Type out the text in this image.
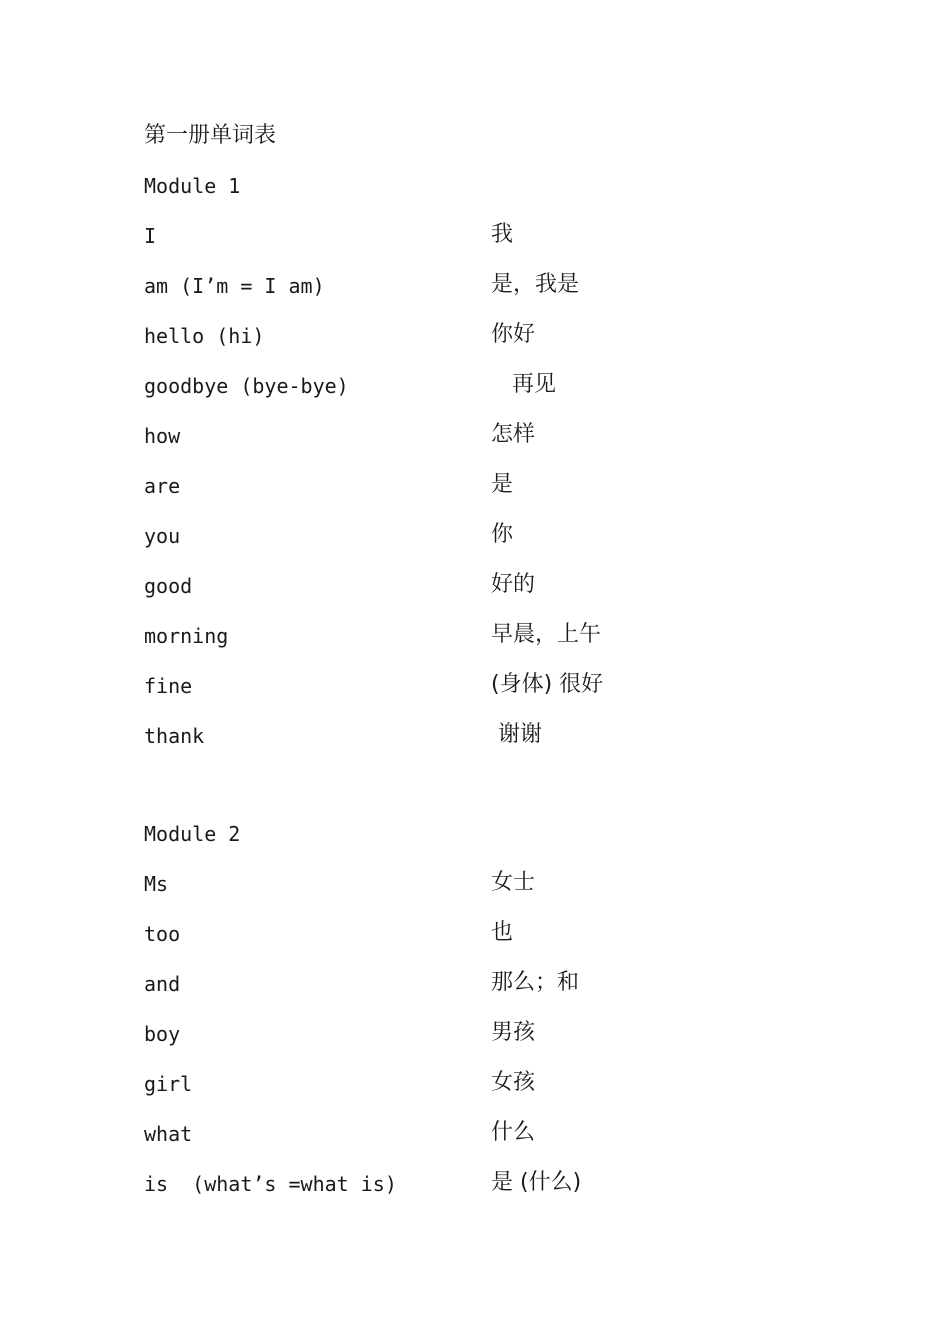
第一册单词表
Module 1
I	我
am (I’m = I am)	是，我是
hello (hi)	你好
goodbye (bye-bye)	再见
how	怎样
are	是
you	你
good	好的
morning	早晨，上午
fine	(身体) 很好
thank	谢谢
Module 2
Ms	女士
too	也
and	那么；和
boy	男孩
girl	女孩
what	什么
is  (what’s =what is)	是 (什么)
